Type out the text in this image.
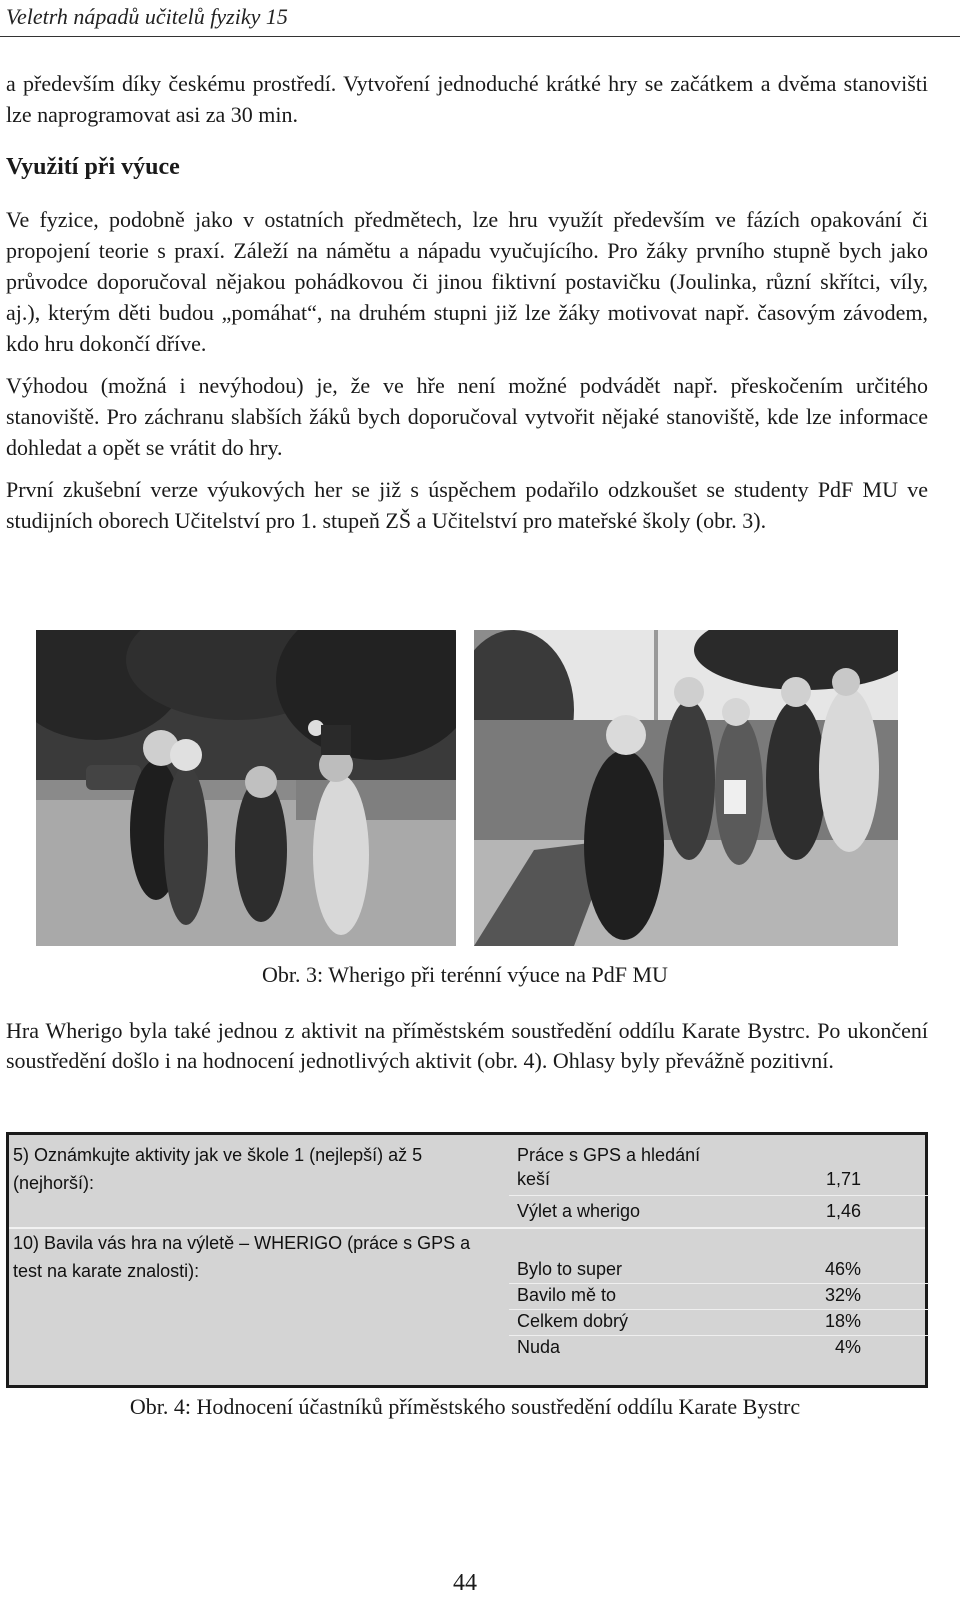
Veletrh nápadů učitelů fyziky 15

a především díky českému prostředí. Vytvoření jednoduché krátké hry se začátkem a dvěma stanovišti lze naprogramovat asi za 30 min.

Využití při výuce

Ve fyzice, podobně jako v ostatních předmětech, lze hru využít především ve fázích opakování či propojení teorie s praxí. Záleží na námětu a nápadu vyučujícího. Pro žáky prvního stupně bych jako průvodce doporučoval nějakou pohádkovou či jinou fiktivní postavičku (Joulinka, různí skřítci, víly, aj.), kterým děti budou „pomáhat“, na druhém stupni již lze žáky motivovat např. časovým závodem, kdo hru dokončí dříve.

Výhodou (možná i nevýhodou) je, že ve hře není možné podvádět např. přeskočením určitého stanoviště. Pro záchranu slabších žáků bych doporučoval vytvořit nějaké stanoviště, kde lze informace dohledat a opět se vrátit do hry.

První zkušební verze výukových her se již s úspěchem podařilo odzkoušet se studenty PdF MU ve studijních oborech Učitelství pro 1. stupeň ZŠ a Učitelství pro mateřské školy (obr. 3).

Obr. 3: Wherigo při terénní výuce na PdF MU

Hra Wherigo byla také jednou z aktivit na příměstském soustředění oddílu Karate Bystrc. Po ukončení soustředění došlo i na hodnocení jednotlivých aktivit (obr. 4). Ohlasy byly převážně pozitivní.

5) Oznámkujte aktivity jak ve škole 1 (nejlepší) až 5 (nejhorší):
Práce s GPS a hledání
keší	1,71
Výlet a wherigo	1,46
10) Bavila vás hra na výletě – WHERIGO (práce s GPS a test na karate znalosti):	Bylo to super	46%
Bavilo mě to	32%
Celkem dobrý	18%
Nuda	4%
Obr. 4: Hodnocení účastníků příměstského soustředění oddílu Karate Bystrc
44
